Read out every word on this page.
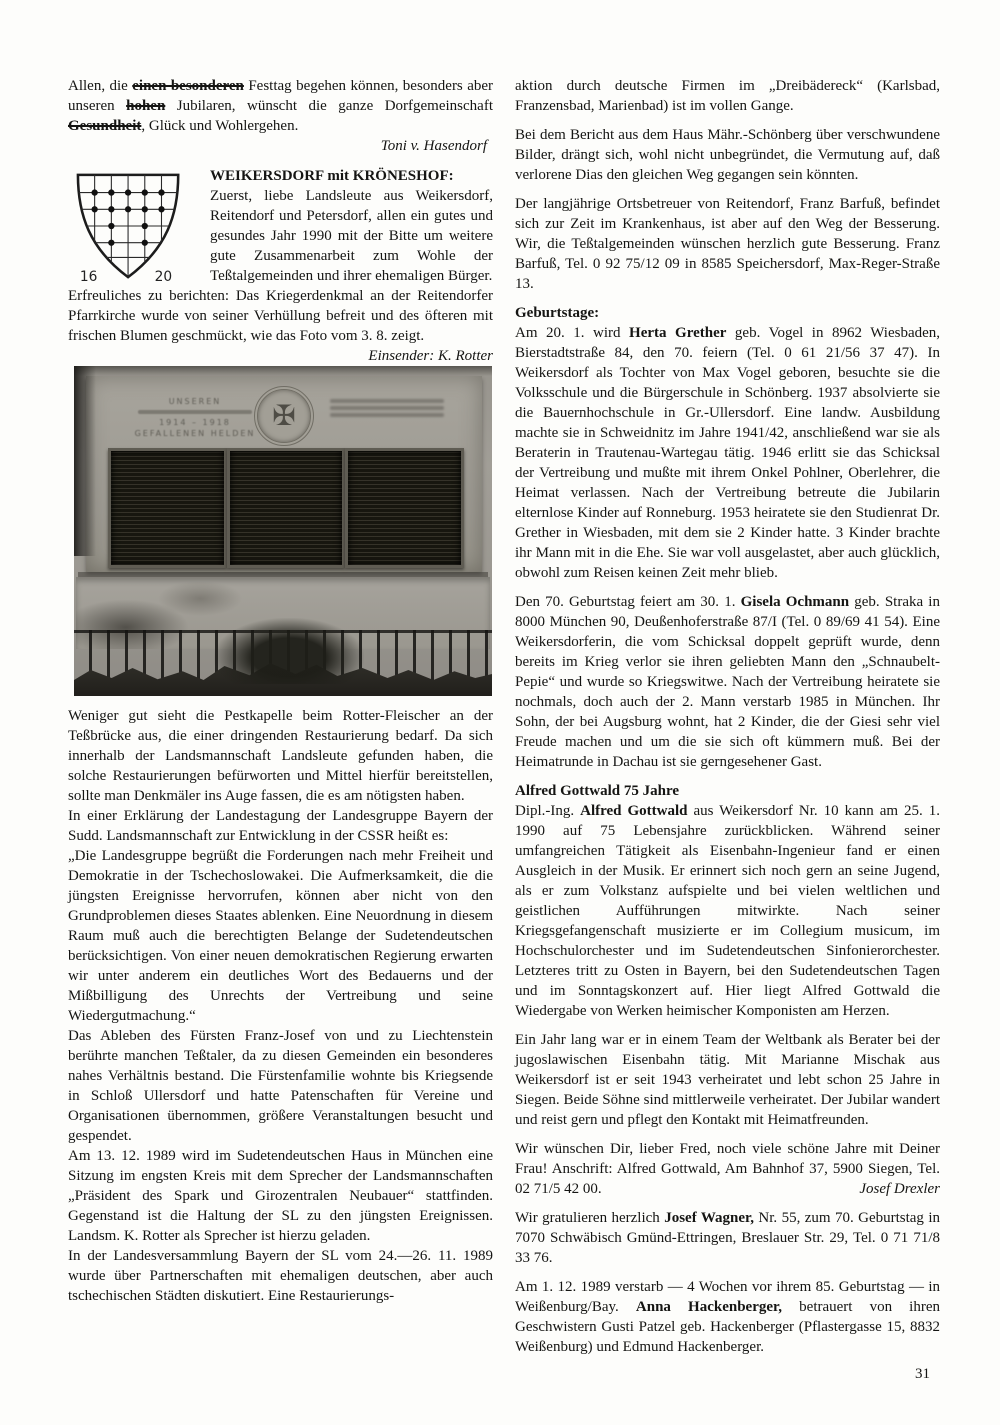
Allen, die einen besonderen Festtag begehen können, besonders aber unseren hohen Jubilaren, wünscht die ganze Dorfgemeinschaft Gesundheit, Glück und Wohlergehen.

Toni v. Hasendorf
16	20

WEIKERSDORF mit KRÖNESHOF:

Zuerst, liebe Landsleute aus Weikersdorf, Reitendorf und Petersdorf, allen ein gutes und gesundes Jahr 1990 mit der Bitte um weitere gute Zusammenarbeit zum Wohle der Teßtalgemeinden und ihrer ehemaligen Bürger.

Erfreuliches zu berichten: Das Kriegerdenkmal an der Reitendorfer Pfarrkirche wurde von seiner Verhüllung befreit und des öfteren mit frischen Blumen geschmückt, wie das Foto vom 3. 8. zeigt.
Einsender: K. Rotter

UNSEREN
1914 – 1918
GEFALLENEN HELDEN
✠

Weniger gut sieht die Pestkapelle beim Rotter-Fleischer an der Teßbrücke aus, die einer dringenden Restaurierung bedarf. Da sich innerhalb der Landsmannschaft Landsleute gefunden haben, die solche Restaurierungen befürworten und Mittel hierfür bereitstellen, sollte man Denkmäler ins Auge fassen, die es am nötigsten haben.

In einer Erklärung der Landestagung der Landesgruppe Bayern der Sudd. Landsmannschaft zur Entwicklung in der CSSR heißt es:

„Die Landesgruppe begrüßt die Forderungen nach mehr Freiheit und Demokratie in der Tschechoslowakei. Die Aufmerksamkeit, die die jüngsten Ereignisse hervorrufen, können aber nicht von den Grundproblemen dieses Staates ablenken. Eine Neuordnung in diesem Raum muß auch die berechtigten Belange der Sudetendeutschen berücksichtigen. Von einer neuen demokratischen Regierung erwarten wir unter anderem ein deutliches Wort des Bedauerns und der Mißbilligung des Unrechts der Vertreibung und seine Wiedergutmachung.“

Das Ableben des Fürsten Franz-Josef von und zu Liechtenstein berührte manchen Teßtaler, da zu diesen Gemeinden ein besonderes nahes Verhältnis bestand. Die Fürstenfamilie wohnte bis Kriegsende in Schloß Ullersdorf und hatte Patenschaften für Vereine und Organisationen übernommen, größere Veranstaltungen besucht und gespendet.

Am 13. 12. 1989 wird im Sudetendeutschen Haus in München eine Sitzung im engsten Kreis mit dem Sprecher der Landsmannschaften „Präsident des Spark und Girozentralen Neubauer“ stattfinden. Gegenstand ist die Haltung der SL zu den jüngsten Ereignissen. Landsm. K. Rotter als Sprecher ist hierzu geladen.

In der Landesversammlung Bayern der SL vom 24.—26. 11. 1989 wurde über Partnerschaften mit ehemaligen deutschen, aber auch tschechischen Städten diskutiert. Eine Restaurierungs-

aktion durch deutsche Firmen im „Dreibädereck“ (Karlsbad, Franzensbad, Marienbad) ist im vollen Gange.

Bei dem Bericht aus dem Haus Mähr.-Schönberg über verschwundene Bilder, drängt sich, wohl nicht unbegründet, die Vermutung auf, daß verlorene Dias den gleichen Weg gegangen sein könnten.

Der langjährige Ortsbetreuer von Reitendorf, Franz Barfuß, befindet sich zur Zeit im Krankenhaus, ist aber auf den Weg der Besserung. Wir, die Teßtalgemeinden wünschen herzlich gute Besserung. Franz Barfuß, Tel. 0 92 75/12 09 in 8585 Speichersdorf, Max-Reger-Straße 13.

Geburtstage:

Am 20. 1. wird Herta Grether geb. Vogel in 8962 Wiesbaden, Bierstadtstraße 84, den 70. feiern (Tel. 0 61 21/56 37 47). In Weikersdorf als Tochter von Max Vogel geboren, besuchte sie die Volksschule und die Bürgerschule in Schönberg. 1937 absolvierte sie die Bauernhochschule in Gr.-Ullersdorf. Eine landw. Ausbildung machte sie in Schweidnitz im Jahre 1941/42, anschließend war sie als Beraterin in Trautenau-Wartegau tätig. 1946 erlitt sie das Schicksal der Vertreibung und mußte mit ihrem Onkel Pohlner, Oberlehrer, die Heimat verlassen. Nach der Vertreibung betreute die Jubilarin elternlose Kinder auf Ronneburg. 1953 heiratete sie den Studienrat Dr. Grether in Wiesbaden, mit dem sie 2 Kinder hatte. 3 Kinder brachte ihr Mann mit in die Ehe. Sie war voll ausgelastet, aber auch glücklich, obwohl zum Reisen keinen Zeit mehr blieb.

Den 70. Geburtstag feiert am 30. 1. Gisela Ochmann geb. Straka in 8000 München 90, Deußenhoferstraße 87/I (Tel. 0 89/69 41 54). Eine Weikersdorferin, die vom Schicksal doppelt geprüft wurde, denn bereits im Krieg verlor sie ihren geliebten Mann den „Schnaubelt-Pepie“ und wurde so Kriegswitwe. Nach der Vertreibung heiratete sie nochmals, doch auch der 2. Mann verstarb 1985 in München. Ihr Sohn, der bei Augsburg wohnt, hat 2 Kinder, die der Giesi sehr viel Freude machen und um die sie sich oft kümmern muß. Bei der Heimatrunde in Dachau ist sie gerngesehener Gast.

Alfred Gottwald 75 Jahre

Dipl.-Ing. Alfred Gottwald aus Weikersdorf Nr. 10 kann am 25. 1. 1990 auf 75 Lebensjahre zurückblicken. Während seiner umfangreichen Tätigkeit als Eisenbahn-Ingenieur fand er einen Ausgleich in der Musik. Er erinnert sich noch gern an seine Jugend, als er zum Volkstanz aufspielte und bei vielen weltlichen und geistlichen Aufführungen mitwirkte. Nach seiner Kriegsgefangenschaft musizierte er im Collegium musicum, im Hochschulorchester und im Sudetendeutschen Sinfonierorchester. Letzteres tritt zu Osten in Bayern, bei den Sudetendeutschen Tagen und im Sonntagskonzert auf. Hier liegt Alfred Gottwald die Wiedergabe von Werken heimischer Komponisten am Herzen.

Ein Jahr lang war er in einem Team der Weltbank als Berater bei der jugoslawischen Eisenbahn tätig. Mit Marianne Mischak aus Weikersdorf ist er seit 1943 verheiratet und lebt schon 25 Jahre in Siegen. Beide Söhne sind mittlerweile verheiratet. Der Jubilar wandert und reist gern und pflegt den Kontakt mit Heimatfreunden.

Wir wünschen Dir, lieber Fred, noch viele schöne Jahre mit Deiner Frau! Anschrift: Alfred Gottwald, Am Bahnhof 37, 5900 Siegen, Tel. 02 71/5 42 00.	Josef Drexler

Wir gratulieren herzlich Josef Wagner, Nr. 55, zum 70. Geburtstag in 7070 Schwäbisch Gmünd-Ettringen, Breslauer Str. 29, Tel. 0 71 71/8 33 76.

Am 1. 12. 1989 verstarb — 4 Wochen vor ihrem 85. Geburtstag — in Weißenburg/Bay. Anna Hackenberger, betrauert von ihren Geschwistern Gusti Patzel geb. Hackenberger (Pflastergasse 15, 8832 Weißenburg) und Edmund Hackenberger.

31
